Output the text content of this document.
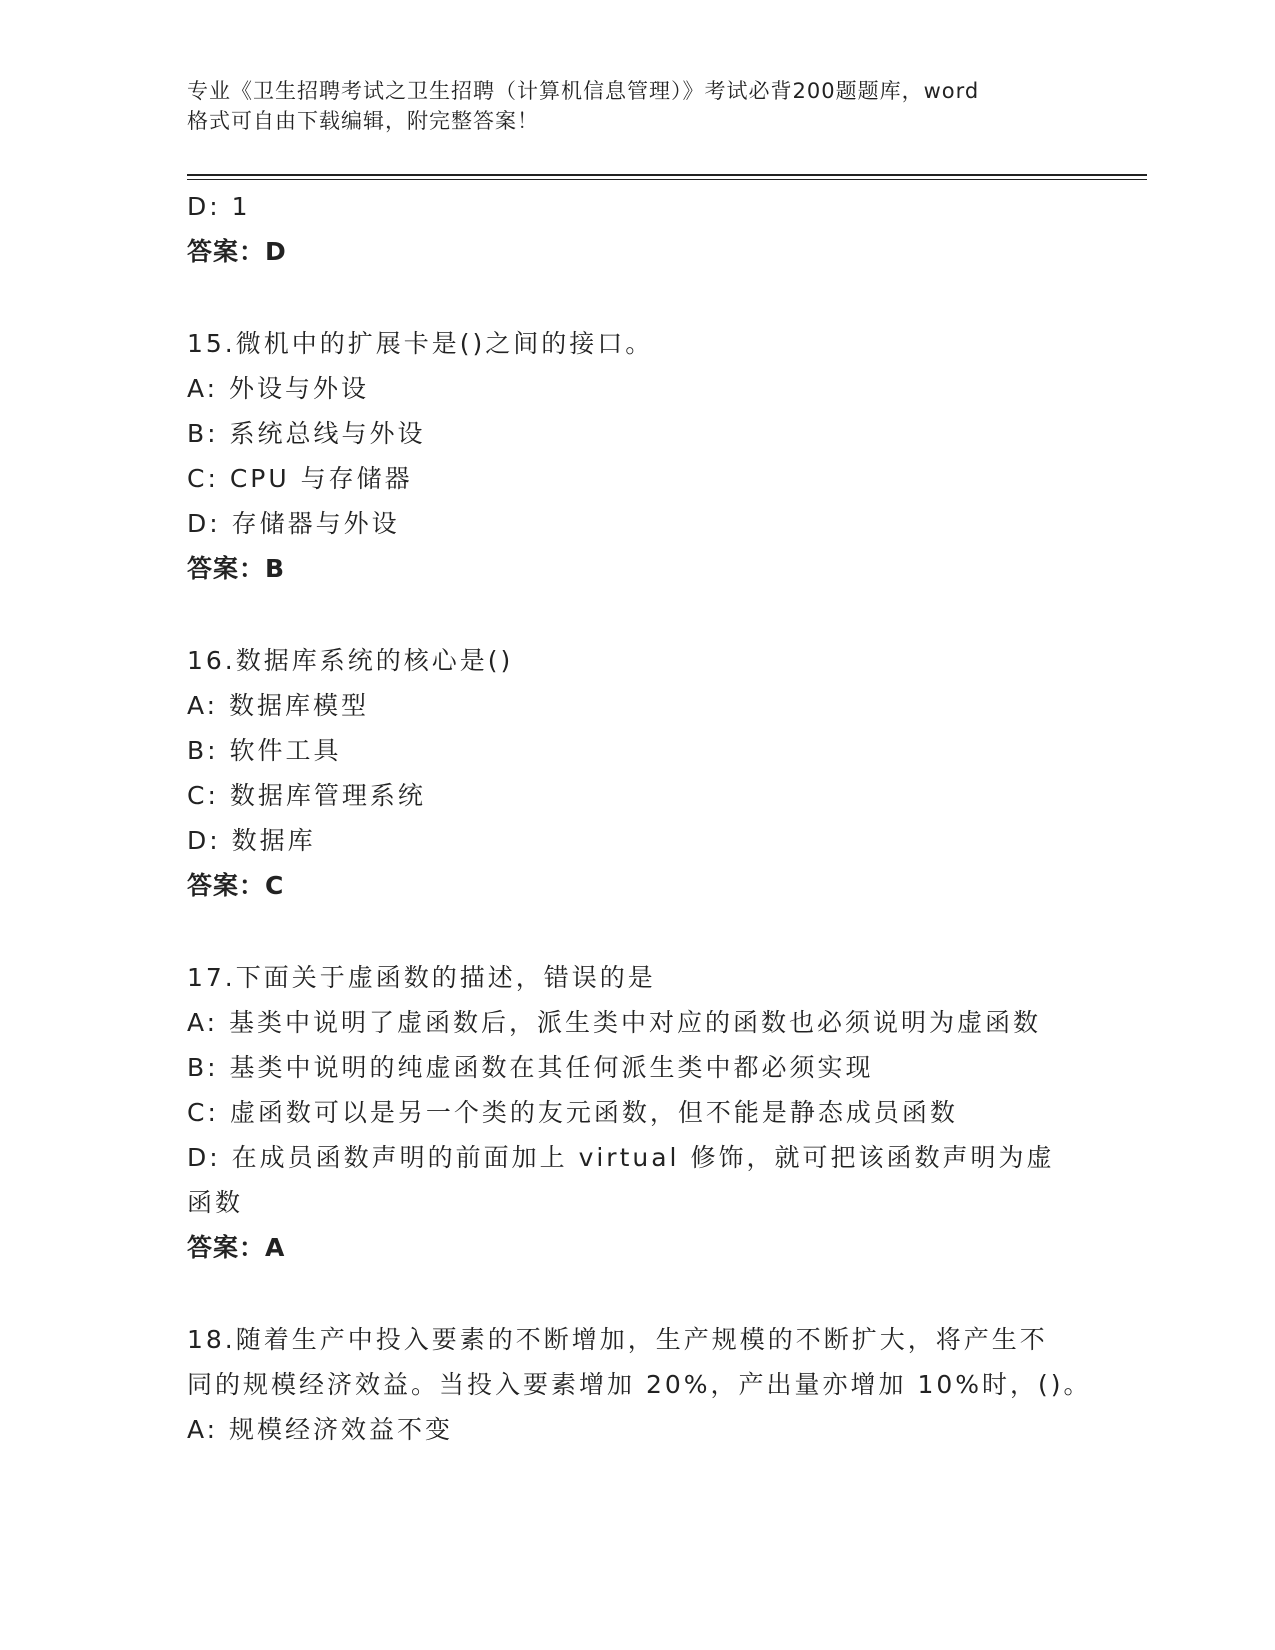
专业《卫生招聘考试之卫生招聘（计算机信息管理）》考试必背200题题库，word
格式可自由下载编辑，附完整答案！

D: 1

答案：D

15.微机中的扩展卡是()之间的接口。

A: 外设与外设

B: 系统总线与外设

C: CPU 与存储器

D: 存储器与外设

答案：B

16.数据库系统的核心是()

A: 数据库模型

B: 软件工具

C: 数据库管理系统

D: 数据库

答案：C

17.下面关于虚函数的描述，错误的是

A: 基类中说明了虚函数后，派生类中对应的函数也必须说明为虚函数

B: 基类中说明的纯虚函数在其任何派生类中都必须实现

C: 虚函数可以是另一个类的友元函数，但不能是静态成员函数

D: 在成员函数声明的前面加上 virtual 修饰，就可把该函数声明为虚

函数

答案：A

18.随着生产中投入要素的不断增加，生产规模的不断扩大，将产生不

同的规模经济效益。当投入要素增加 20%，产出量亦增加 10%时，()。

A: 规模经济效益不变
